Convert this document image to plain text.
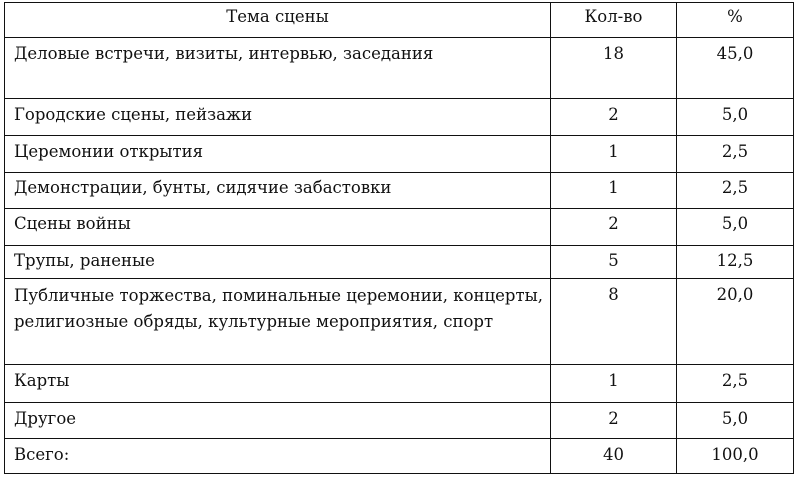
Тема сцены	Кол-во	%

Деловые встречи, визиты, интервью, заседания	18	45,0
Городские сцены, пейзажи	2	5,0
Церемонии открытия	1	2,5
Демонстрации, бунты, сидячие забастовки	1	2,5
Сцены войны	2	5,0
Трупы, раненые	5	12,5
Публичные торжества, поминальные церемонии, концерты, религиозные обряды, культурные мероприятия, спорт	8	20,0
Карты	1	2,5
Другое	2	5,0
Всего:	40	100,0
